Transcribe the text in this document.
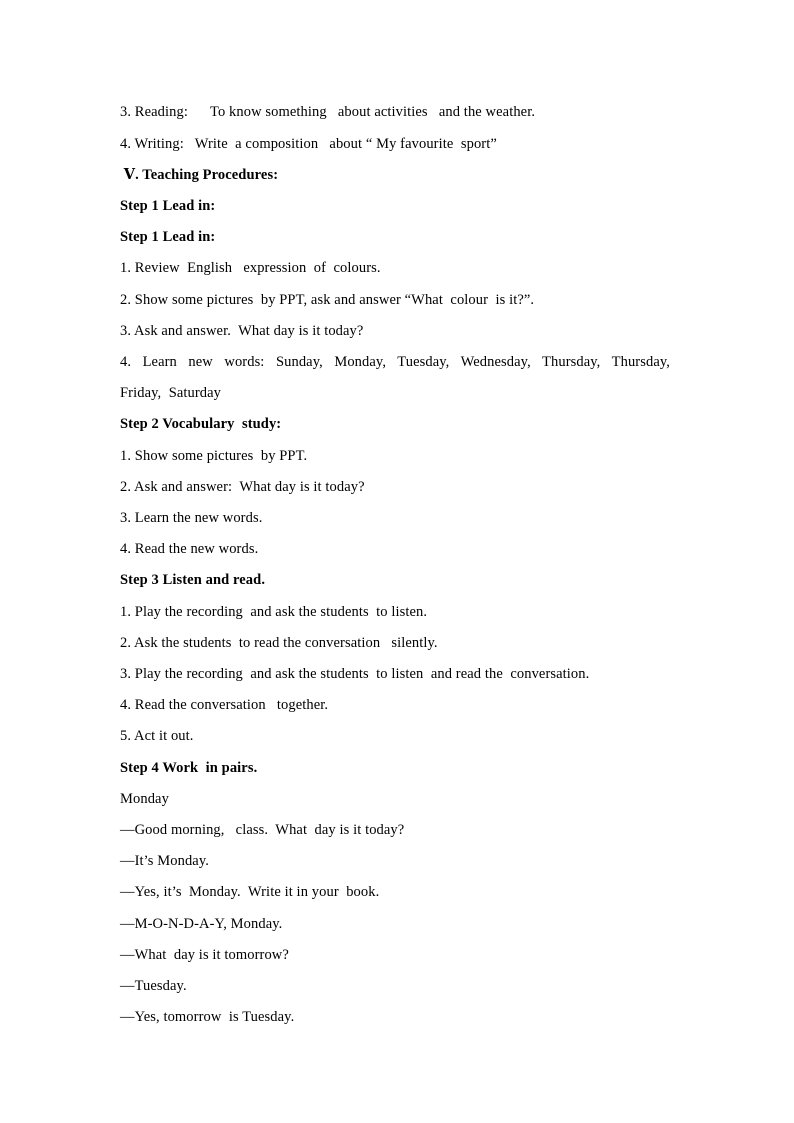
3. Reading:      To know something   about activities   and the weather.
4. Writing:   Write  a composition   about “ My favourite  sport”
Ⅴ. Teaching Procedures:
Step 1 Lead in:
Step 1 Lead in:
1. Review  English   expression  of  colours.
2. Show some pictures  by PPT, ask and answer “What  colour  is it?”.
3. Ask and answer.  What day is it today?
4. Learn new words: Sunday, Monday, Tuesday, Wednesday, Thursday, Thursday,
Friday,  Saturday
Step 2 Vocabulary  study:
1. Show some pictures  by PPT.
2. Ask and answer:  What day is it today?
3. Learn the new words.
4. Read the new words.
Step 3 Listen and read.
1. Play the recording  and ask the students  to listen.
2. Ask the students  to read the conversation   silently.
3. Play the recording  and ask the students  to listen  and read the  conversation.
4. Read the conversation   together.
5. Act it out.
Step 4 Work  in pairs.
Monday
—Good morning,   class.  What  day is it today?
—It’s Monday.
—Yes, it’s  Monday.  Write it in your  book.
—M-O-N-D-A-Y, Monday.
—What  day is it tomorrow?
—Tuesday.
—Yes, tomorrow  is Tuesday.
